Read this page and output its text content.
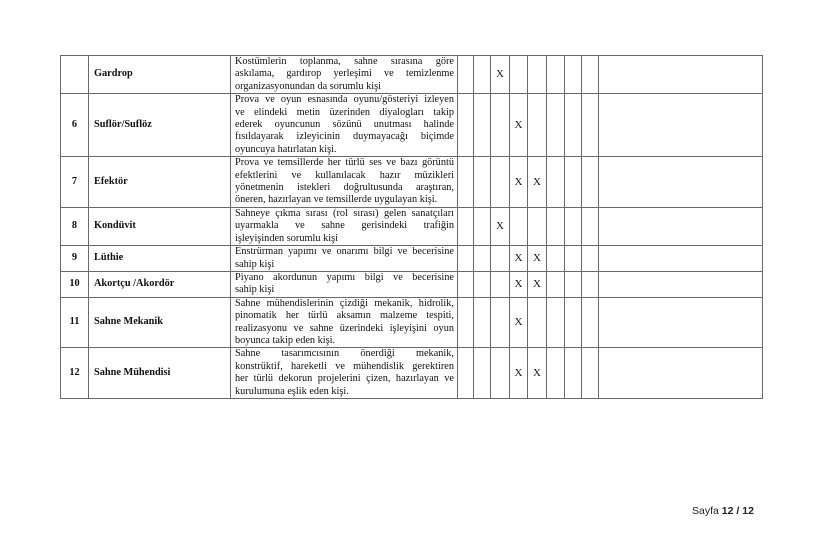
	Gardrop	Kostümlerin toplanma, sahne sırasına göre
askılama, gardırop yerleşimi ve temizlenme
organizasyonundan da sorumlu kişi			X						
6	Suflör/Suflöz	Prova ve oyun esnasında oyunu/gösteriyi izleyen
ve elindeki metin üzerinden diyalogları takip
ederek oyuncunun sözünü unutması halinde
fısıldayarak izleyicinin duymayacağı biçimde
oyuncuya hatırlatan kişi.				X					
7	Efektör	Prova ve temsillerde her türlü ses ve bazı görüntü
efektlerini ve kullanılacak hazır müzikleri
yönetmenin istekleri doğrultusunda araştıran,
öneren, hazırlayan ve temsillerde uygulayan kişi.				X	X				
8	Kondüvit	Sahneye çıkma sırası (rol sırası) gelen sanatçıları
uyarmakla ve sahne gerisindeki trafiğin
işleyişinden sorumlu kişi			X						
9	Lüthie	Enstrürman yapımı ve onarımı bilgi ve becerisine
sahip kişi				X	X				
10	Akortçu /Akordör	Piyano akordunun yapımı bilgi ve becerisine
sahip kişi				X	X				
11	Sahne Mekanik	Sahne mühendislerinin çizdiği mekanik, hidrolik,
pinomatik her türlü aksamın malzeme tespiti,
realizasyonu ve sahne üzerindeki işleyişini oyun
boyunca takip eden kişi.				X					
12	Sahne Mühendisi	Sahne tasarımcısının önerdiği mekanik,
konstrüktif, hareketli ve mühendislik gerektiren
her türlü dekorun projelerini çizen, hazırlayan ve
kurulumuna eşlik eden kişi.				X	X				
Sayfa 12 / 12
